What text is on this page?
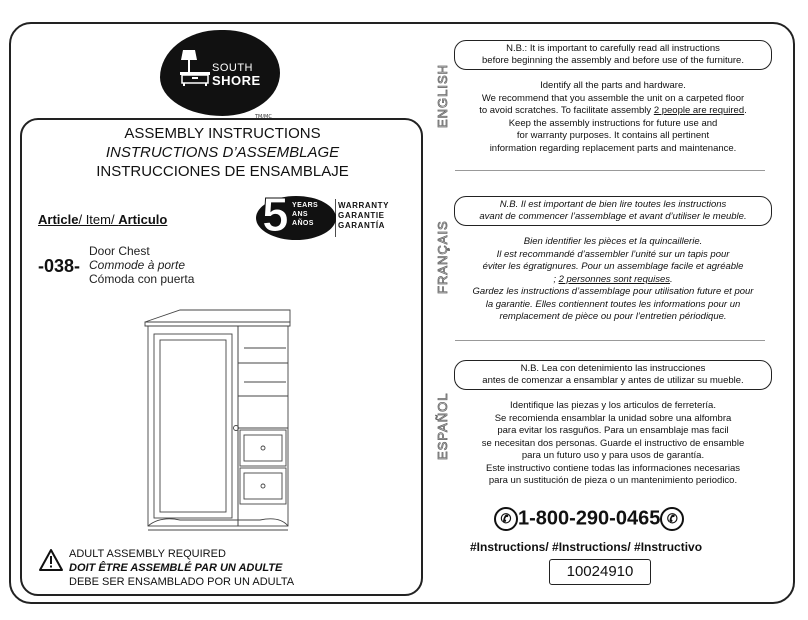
SOUTH
SHORE
TM/MC
ASSEMBLY INSTRUCTIONS
INSTRUCTIONS D’ASSEMBLAGE
INSTRUCCIONES DE ENSAMBLAJE
Article/ Item/ Articulo 5 YEARS
ANS
AÑOS
WARRANTY
GARANTIE
GARANTÍA
-038-
Door Chest
Commode à porte
Cómoda con puerta
ADULT ASSEMBLY REQUIRED
DOIT ÊTRE ASSEMBLÉ PAR UN ADULTE
DEBE SER ENSAMBLADO POR UN ADULTA
ENGLISH
N.B.: It is important to carefully read all instructions
before beginning the assembly and before use of the furniture.
Identify all the parts and hardware.
We recommend that you assemble the unit on a carpeted floor
to avoid scratches. To facilitate assembly 2 people are required.
Keep the assembly instructions for future use and
for warranty purposes. It contains all pertinent
information regarding replacement parts and maintenance.
FRANÇAIS
N.B. Il est important de bien lire toutes les instructions
avant de commencer l’assemblage et avant d’utiliser le meuble.
Bien identifier les pièces et la quincaillerie.
Il est recommandé d’assembler l’unité sur un tapis pour
éviter les égratignures. Pour un assemblage facile et agréable
; 2 personnes sont requises.
Gardez les instructions d’assemblage pour utilisation future et pour
la garantie. Elles contiennent toutes les informations pour un
remplacement de pièce ou pour l’entretien périodique.
ESPAÑOL
N.B. Lea con detenimiento las instrucciones
antes de comenzar a ensamblar y antes de utilizar su mueble.
Identifique las piezas y los articulos de ferretería.
Se recomienda ensamblar la unidad sobre una alfombra
para evitar los rasguños. Para un ensamblaje mas facil
se necesitan dos personas. Guarde el instructivo de ensamble
para un futuro uso y para usos de garantía.
Este instructivo contiene todas las informaciones necesarias
para un sustitución de pieza o un mantenimiento periodico.
✆ 1-800-290-0465 ✆
#Instructions/ #Instructions/ #Instructivo
10024910
